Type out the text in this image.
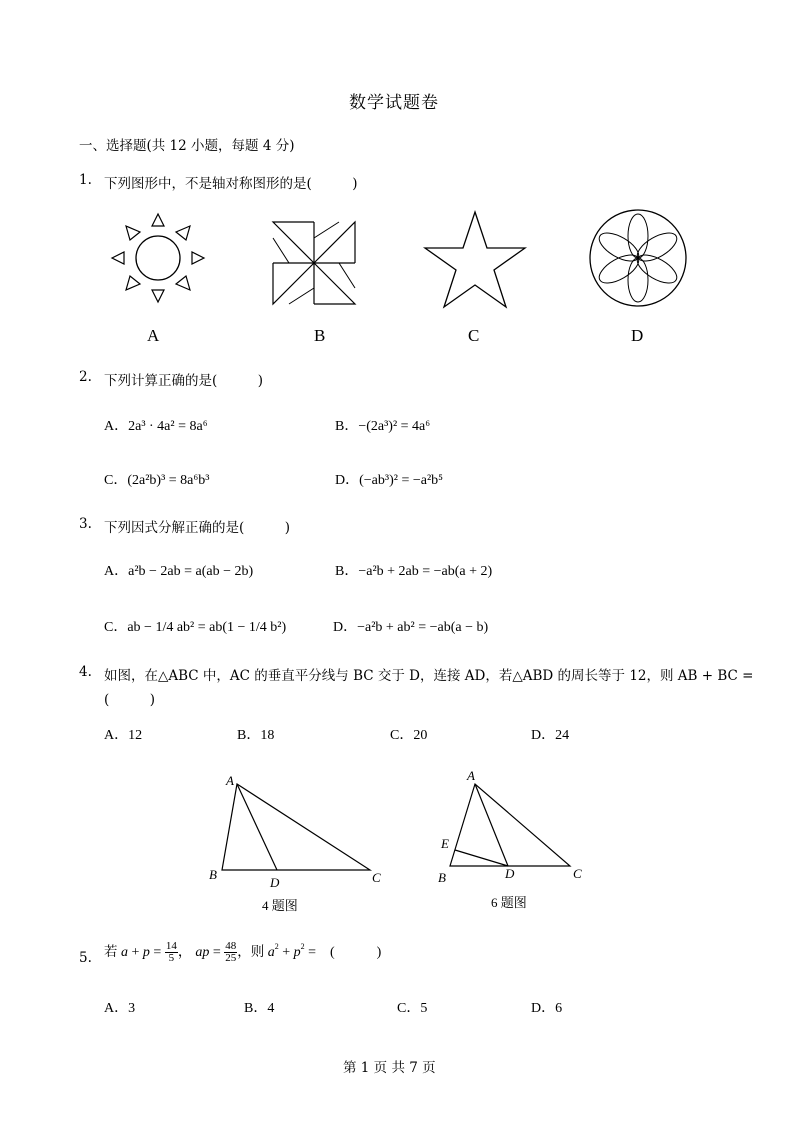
数学试题卷
一、选择题(共 12 小题，每题 4 分)
1. 下列图形中，不是轴对称图形的是(　　　)
A	B	C	D
2. 下列计算正确的是(　　　)
A．2a³ · 4a² = 8a⁶	B．−(2a³)² = 4a⁶
C．(2a²b)³ = 8a⁶b³	D．(−ab³)² = −a²b⁵
3. 下列因式分解正确的是(　　　)
A．a²b − 2ab = a(ab − 2b)	B．−a²b + 2ab = −ab(a + 2)
C．ab − 1/4 ab² = ab(1 − 1/4 b²)	D．−a²b + ab² = −ab(a − b)
4. 如图，在△ABC 中，AC 的垂直平分线与 BC 交于 D，连接 AD，若△ABD 的周长等于 12，则 AB + BC =
(　　　)
A．12	B．18	C．20	D．24
A
B
D	C
4 题图
A
E
B	D	C
6 题图
5. 若 $a + p = \frac{14}{5}$ ， ap = $\frac{48}{25}$ ，则 $a^2 + p^2$ =　(　　　)
A．3	B．4	C．5	D．6
第 1 页 共 7 页
